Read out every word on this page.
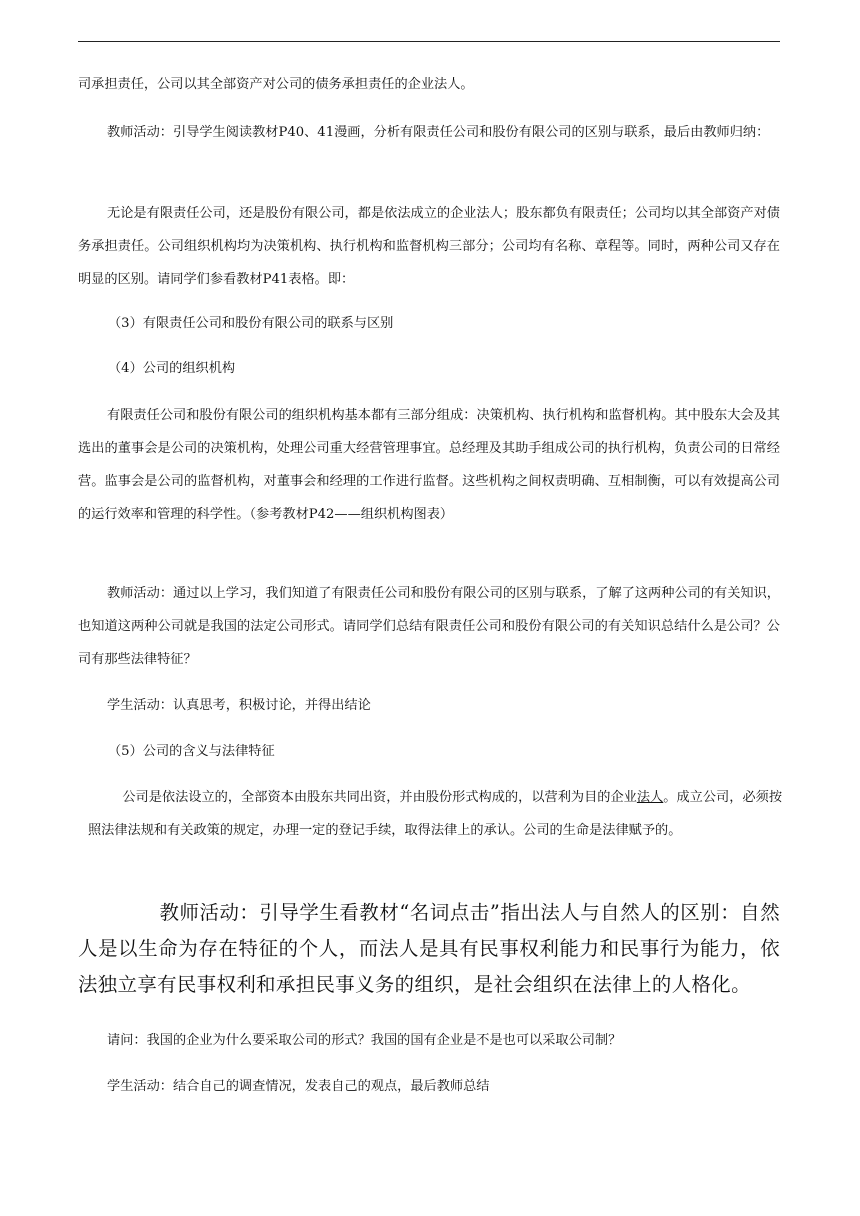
司承担责任，公司以其全部资产对公司的债务承担责任的企业法人。

教师活动：引导学生阅读教材P40、41漫画，分析有限责任公司和股份有限公司的区别与联系，最后由教师归纳：

无论是有限责任公司，还是股份有限公司，都是依法成立的企业法人；股东都负有限责任；公司均以其全部资产对债务承担责任。公司组织机构均为决策机构、执行机构和监督机构三部分；公司均有名称、章程等。同时，两种公司又存在明显的区别。请同学们参看教材P41表格。即：

（3）有限责任公司和股份有限公司的联系与区别

（4）公司的组织机构

有限责任公司和股份有限公司的组织机构基本都有三部分组成：决策机构、执行机构和监督机构。其中股东大会及其选出的董事会是公司的决策机构，处理公司重大经营管理事宜。总经理及其助手组成公司的执行机构，负责公司的日常经营。监事会是公司的监督机构，对董事会和经理的工作进行监督。这些机构之间权责明确、互相制衡，可以有效提高公司的运行效率和管理的科学性。（参考教材P42——组织机构图表）

教师活动：通过以上学习，我们知道了有限责任公司和股份有限公司的区别与联系，了解了这两种公司的有关知识，也知道这两种公司就是我国的法定公司形式。请同学们总结有限责任公司和股份有限公司的有关知识总结什么是公司？公司有那些法律特征？

学生活动：认真思考，积极讨论，并得出结论

（5）公司的含义与法律特征

公司是依法设立的，全部资本由股东共同出资，并由股份形式构成的，以营利为目的企业法人。成立公司，必须按照法律法规和有关政策的规定，办理一定的登记手续，取得法律上的承认。公司的生命是法律赋予的。

教师活动：引导学生看教材“名词点击”指出法人与自然人的区别：自然人是以生命为存在特征的个人，而法人是具有民事权利能力和民事行为能力，依法独立享有民事权利和承担民事义务的组织，是社会组织在法律上的人格化。

请问：我国的企业为什么要采取公司的形式？我国的国有企业是不是也可以采取公司制？

学生活动：结合自己的调查情况，发表自己的观点，最后教师总结
